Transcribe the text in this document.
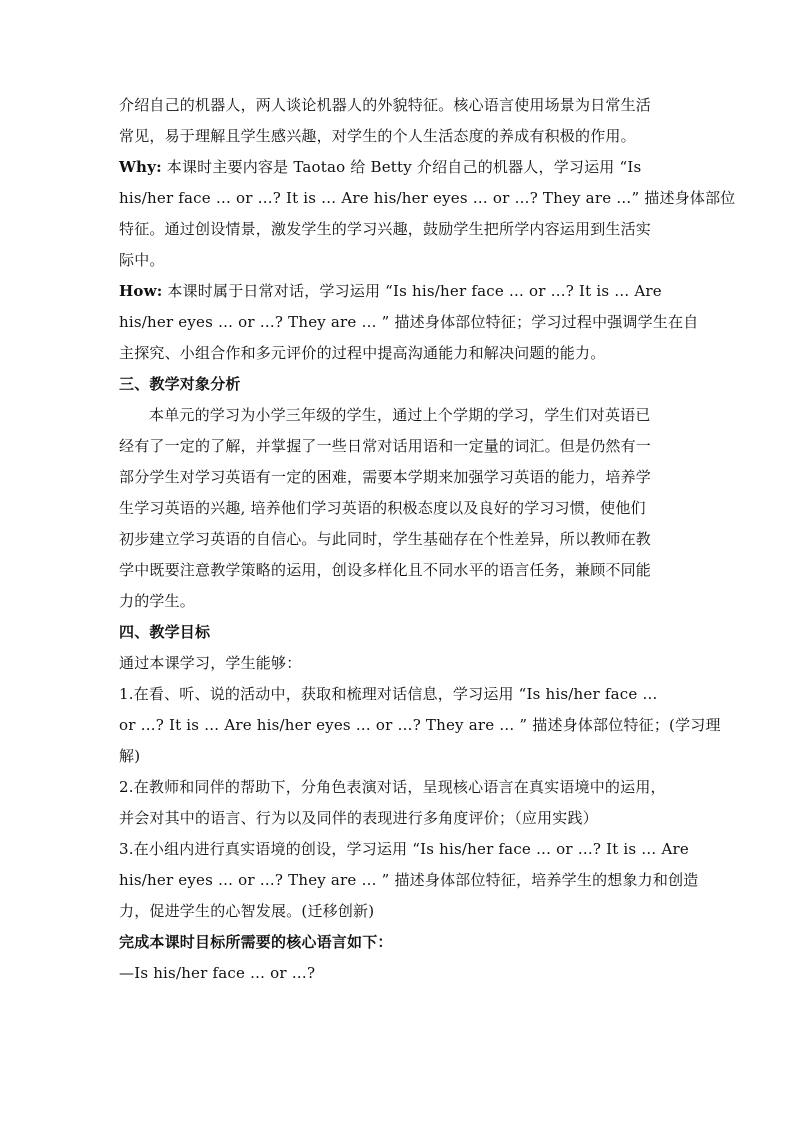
介绍自己的机器人，两人谈论机器人的外貌特征。核心语言使用场景为日常生活
常见，易于理解且学生感兴趣，对学生的个人生活态度的养成有积极的作用。
Why: 本课时主要内容是 Taotao 给 Betty 介绍自己的机器人，学习运用 “Is
his/her face … or …? It is … Are his/her eyes … or …? They are …” 描述身体部位
特征。通过创设情景，激发学生的学习兴趣，鼓励学生把所学内容运用到生活实
际中。
How: 本课时属于日常对话，学习运用 “Is his/her face … or …? It is … Are
his/her eyes … or …? They are … ” 描述身体部位特征；学习过程中强调学生在自
主探究、小组合作和多元评价的过程中提高沟通能力和解决问题的能力。
三、教学对象分析
本单元的学习为小学三年级的学生，通过上个学期的学习，学生们对英语已
经有了一定的了解，并掌握了一些日常对话用语和一定量的词汇。但是仍然有一
部分学生对学习英语有一定的困难，需要本学期来加强学习英语的能力，培养学
生学习英语的兴趣, 培养他们学习英语的积极态度以及良好的学习习惯，使他们
初步建立学习英语的自信心。与此同时，学生基础存在个性差异，所以教师在教
学中既要注意教学策略的运用，创设多样化且不同水平的语言任务，兼顾不同能
力的学生。
四、教学目标
通过本课学习，学生能够：
1.在看、听、说的活动中，获取和梳理对话信息，学习运用 “Is his/her face …
or …? It is … Are his/her eyes … or …? They are … ” 描述身体部位特征；(学习理
解)
2.在教师和同伴的帮助下，分角色表演对话，呈现核心语言在真实语境中的运用，
并会对其中的语言、行为以及同伴的表现进行多角度评价；（应用实践）
3.在小组内进行真实语境的创设，学习运用 “Is his/her face … or …? It is … Are
his/her eyes … or …? They are … ” 描述身体部位特征，培养学生的想象力和创造
力，促进学生的心智发展。(迁移创新)
完成本课时目标所需要的核心语言如下：
—Is his/her face … or …?
